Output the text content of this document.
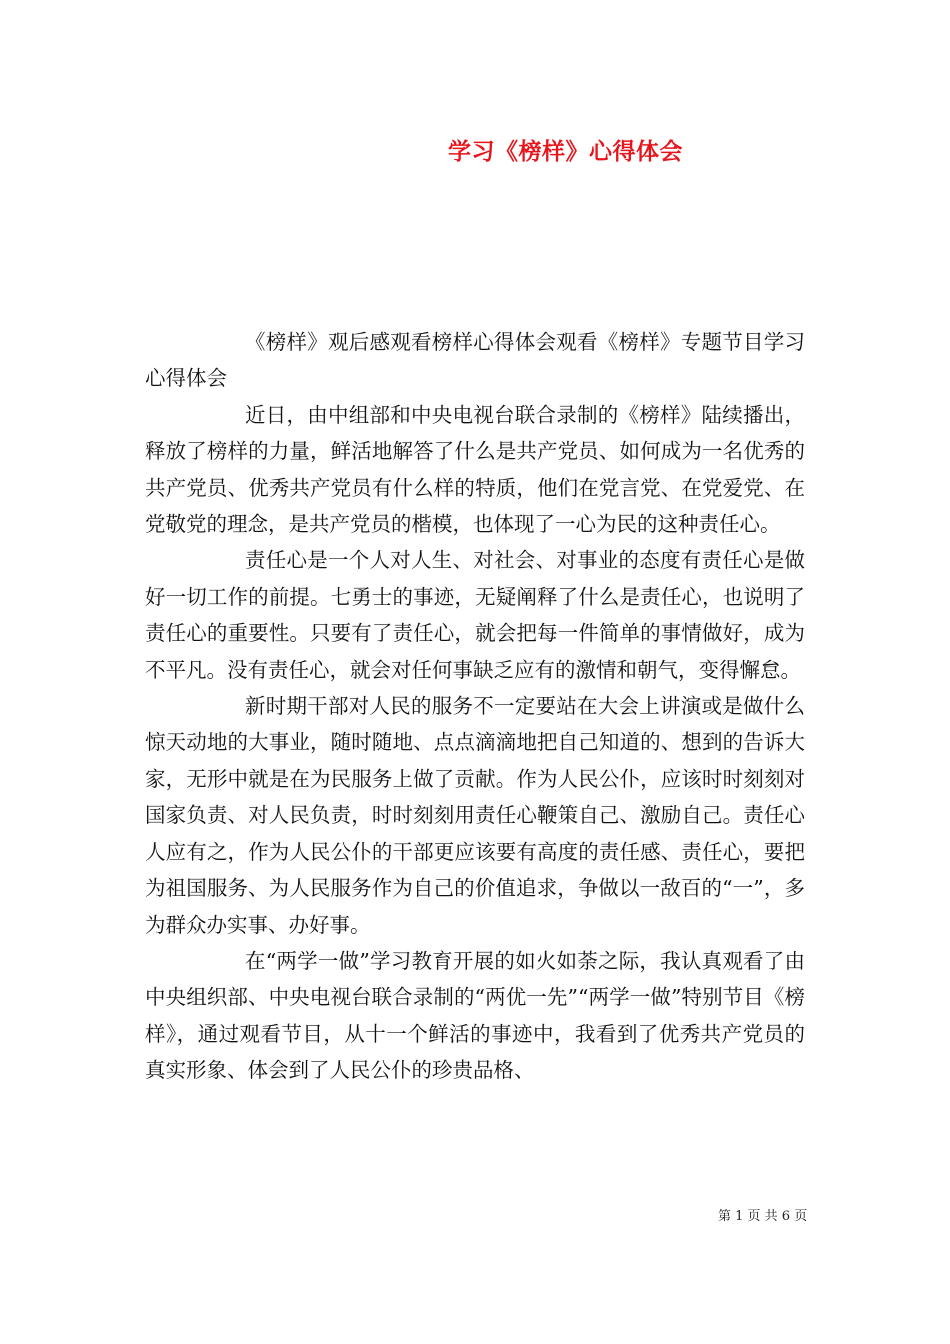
学习《榜样》心得体会

《榜样》观后感观看榜样心得体会观看《榜样》专题节目学习心得体会

近日，由中组部和中央电视台联合录制的《榜样》陆续播出，释放了榜样的力量，鲜活地解答了什么是共产党员、如何成为一名优秀的共产党员、优秀共产党员有什么样的特质，他们在党言党、在党爱党、在党敬党的理念，是共产党员的楷模，也体现了一心为民的这种责任心。

责任心是一个人对人生、对社会、对事业的态度有责任心是做好一切工作的前提。七勇士的事迹，无疑阐释了什么是责任心，也说明了责任心的重要性。只要有了责任心，就会把每一件简单的事情做好，成为不平凡。没有责任心，就会对任何事缺乏应有的激情和朝气，变得懈怠。

新时期干部对人民的服务不一定要站在大会上讲演或是做什么惊天动地的大事业，随时随地、点点滴滴地把自己知道的、想到的告诉大家，无形中就是在为民服务上做了贡献。作为人民公仆，应该时时刻刻对国家负责、对人民负责，时时刻刻用责任心鞭策自己、激励自己。责任心人应有之，作为人民公仆的干部更应该要有高度的责任感、责任心，要把为祖国服务、为人民服务作为自己的价值追求，争做以一敌百的“一”，多为群众办实事、办好事。

在“两学一做”学习教育开展的如火如荼之际，我认真观看了由中央组织部、中央电视台联合录制的“两优一先”“两学一做”特别节目《榜样》，通过观看节目，从十一个鲜活的事迹中，我看到了优秀共产党员的真实形象、体会到了人民公仆的珍贵品格、

第 1 页 共 6 页
